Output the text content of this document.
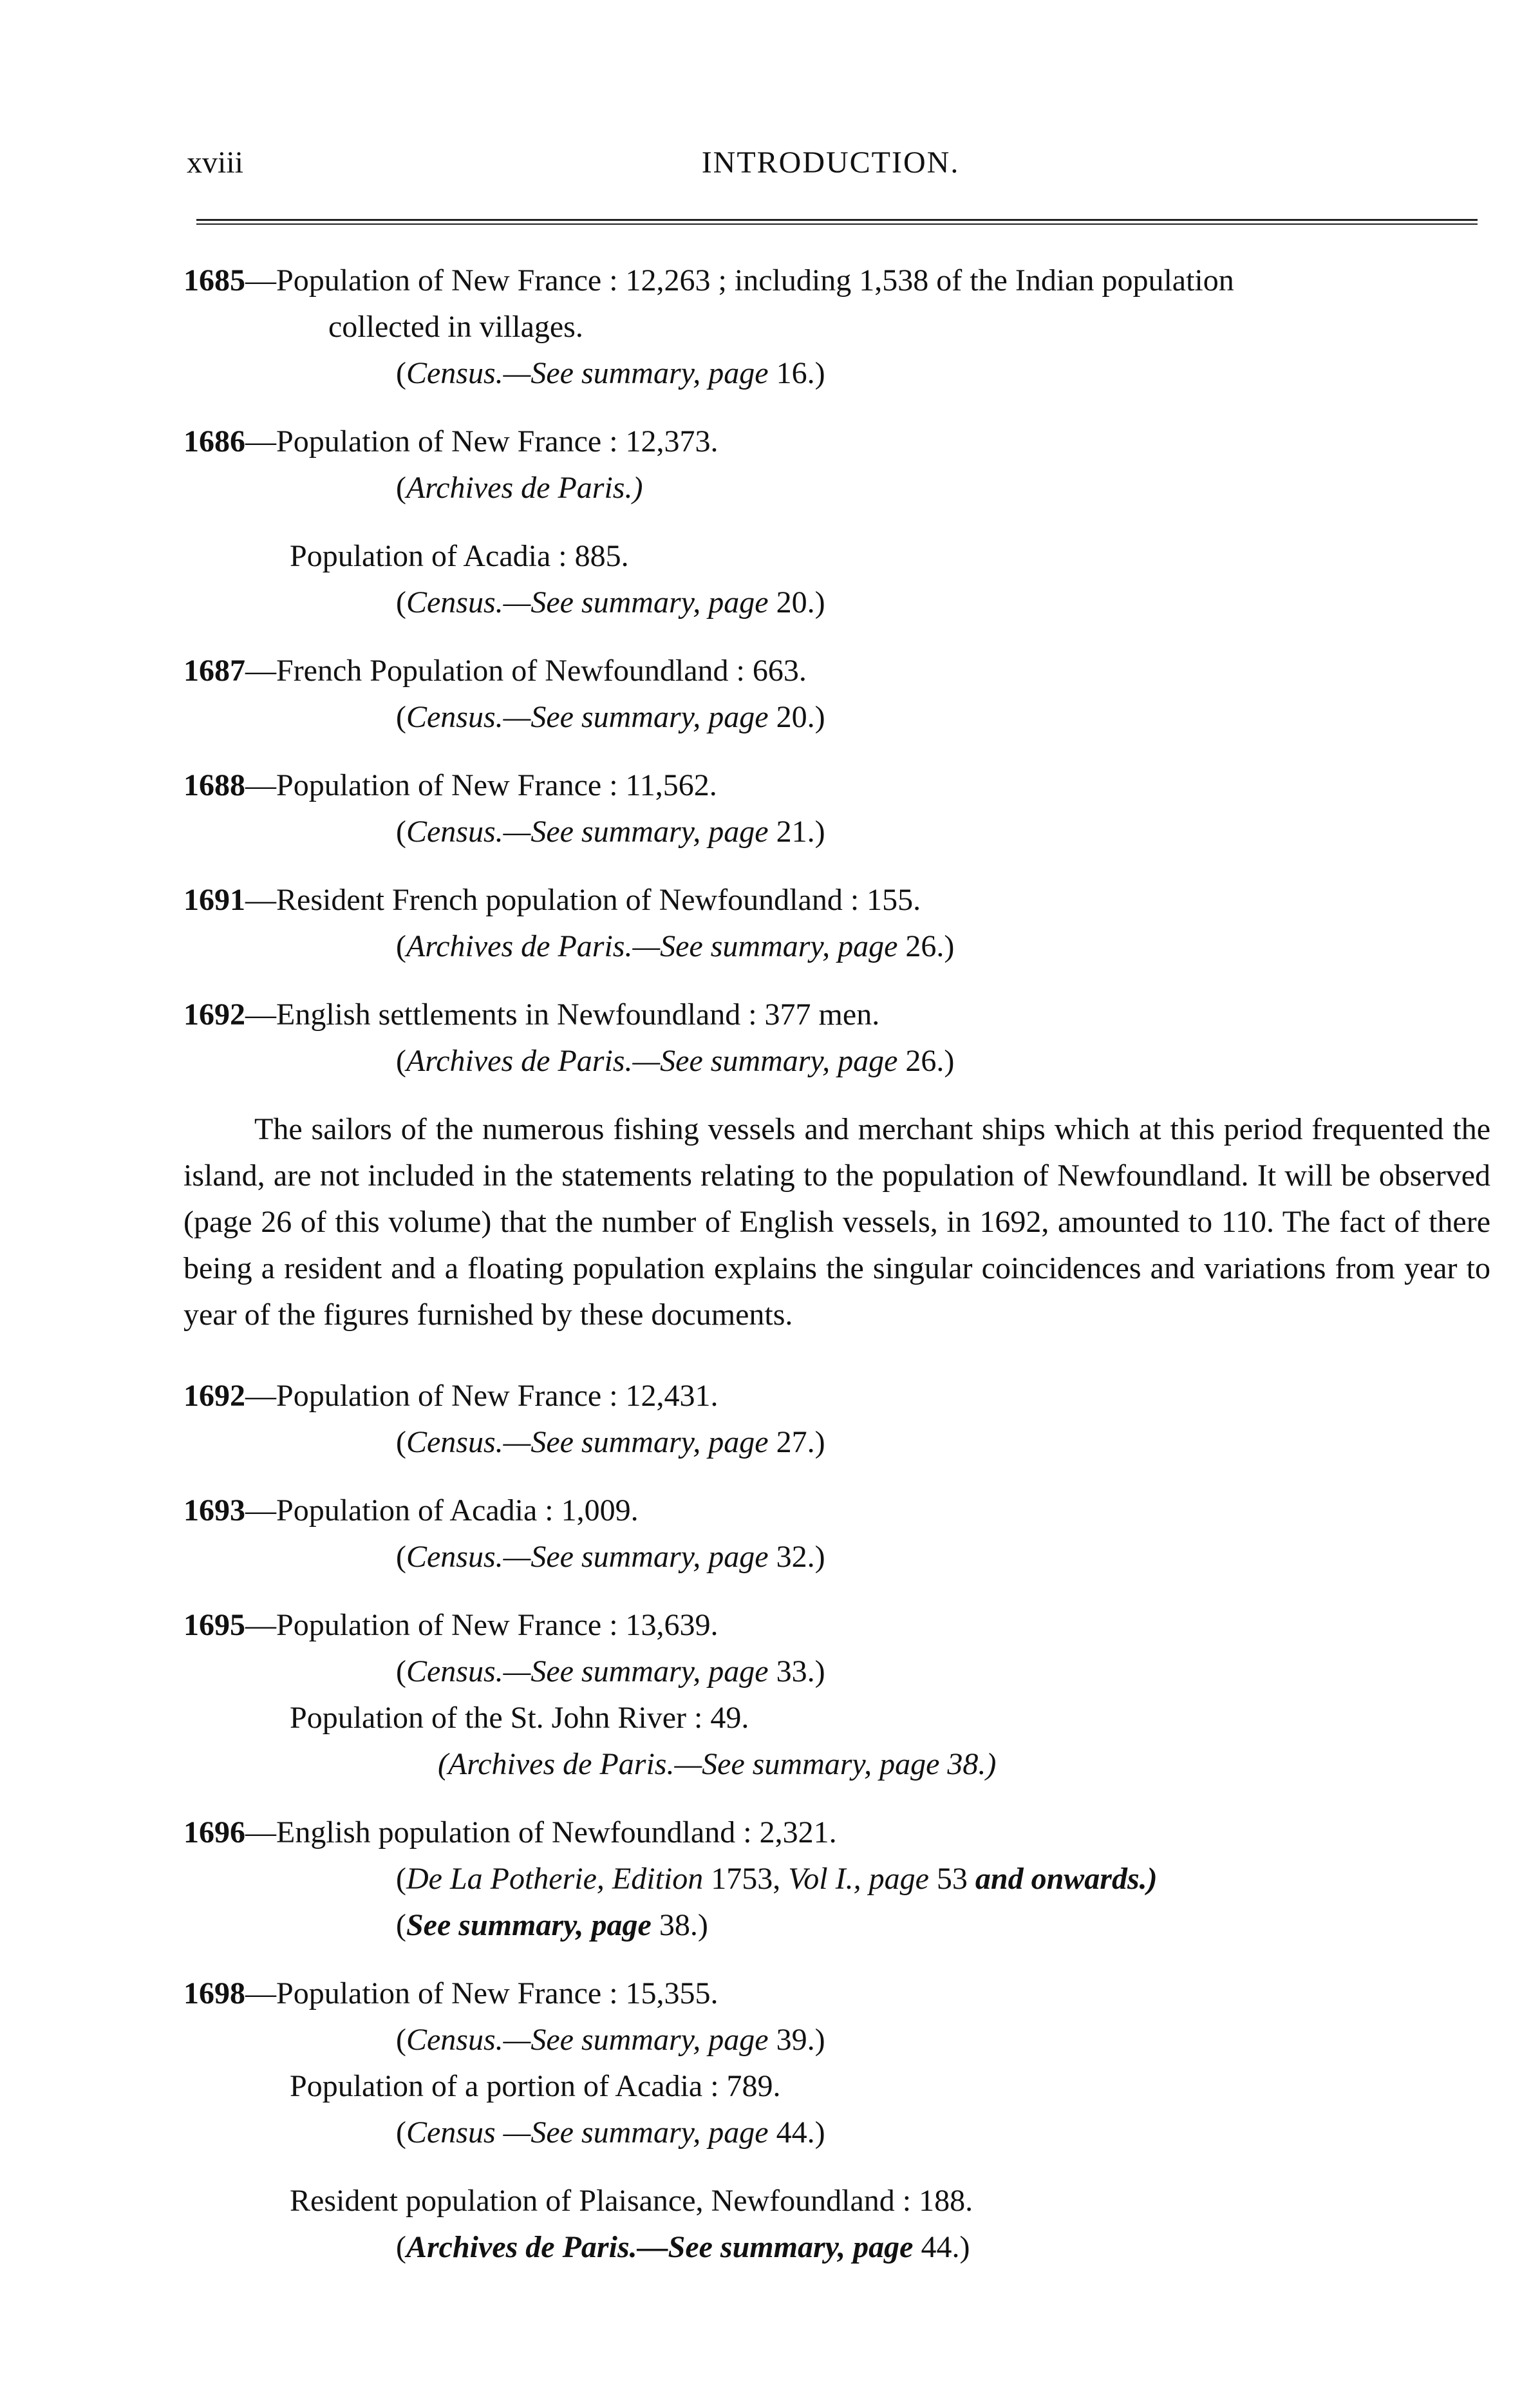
xviii	INTRODUCTION.

1685—Population of New France : 12,263 ; including 1,538 of the Indian population

collected in villages.

(Census.—See summary, page 16.)

1686—Population of New France : 12,373.

(Archives de Paris.)

Population of Acadia : 885.

(Census.—See summary, page 20.)

1687—French Population of Newfoundland : 663.

(Census.—See summary, page 20.)

1688—Population of New France : 11,562.

(Census.—See summary, page 21.)

1691—Resident French population of Newfoundland : 155.

(Archives de Paris.—See summary, page 26.)

1692—English settlements in Newfoundland : 377 men.

(Archives de Paris.—See summary, page 26.)

The sailors of the numerous fishing vessels and merchant ships which at this period frequented the island, are not included in the statements relating to the population of Newfoundland. It will be observed (page 26 of this volume) that the number of English vessels, in 1692, amounted to 110. The fact of there being a resident and a floating population explains the singular coincidences and variations from year to year of the figures furnished by these documents.

1692—Population of New France : 12,431.

(Census.—See summary, page 27.)

1693—Population of Acadia : 1,009.

(Census.—See summary, page 32.)

1695—Population of New France : 13,639.

(Census.—See summary, page 33.)

Population of the St. John River : 49.

(Archives de Paris.—See summary, page 38.)

1696—English population of Newfoundland : 2,321.

(De La Potherie, Edition 1753, Vol I., page 53 and onwards.)

(See summary, page 38.)

1698—Population of New France : 15,355.

(Census.—See summary, page 39.)

Population of a portion of Acadia : 789.

(Census —See summary, page 44.)

Resident population of Plaisance, Newfoundland : 188.

(Archives de Paris.—See summary, page 44.)
